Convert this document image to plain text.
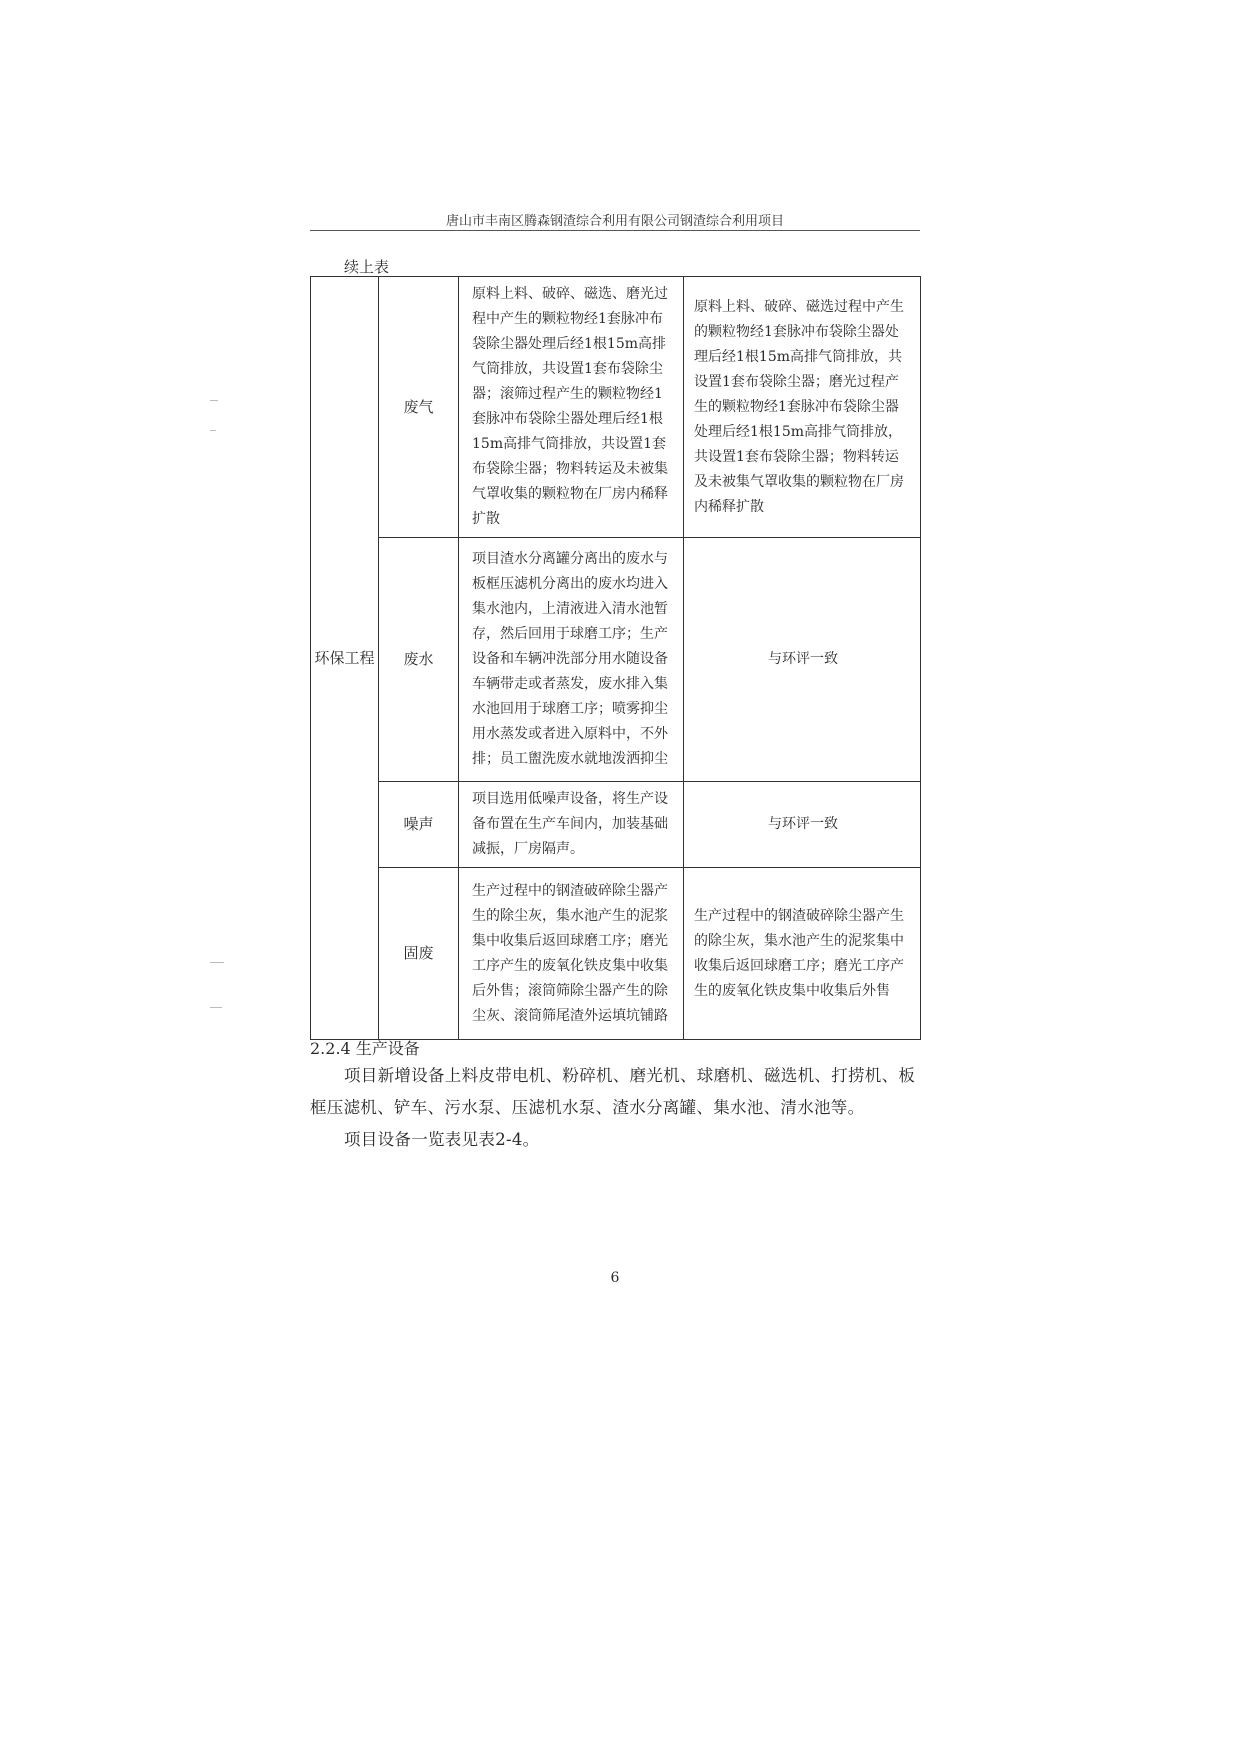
唐山市丰南区腾森钢渣综合利用有限公司钢渣综合利用项目
续上表
环保工程	废气	原料上料、破碎、磁选、磨光过程中产生的颗粒物经1套脉冲布袋除尘器处理后经1根15m高排气筒排放，共设置1套布袋除尘器；滚筛过程产生的颗粒物经1套脉冲布袋除尘器处理后经1根15m高排气筒排放，共设置1套布袋除尘器；物料转运及未被集气罩收集的颗粒物在厂房内稀释扩散	原料上料、破碎、磁选过程中产生的颗粒物经1套脉冲布袋除尘器处理后经1根15m高排气筒排放，共设置1套布袋除尘器；磨光过程产生的颗粒物经1套脉冲布袋除尘器处理后经1根15m高排气筒排放，共设置1套布袋除尘器；物料转运及未被集气罩收集的颗粒物在厂房内稀释扩散
	废水	项目渣水分离罐分离出的废水与板框压滤机分离出的废水均进入集水池内，上清液进入清水池暂存，然后回用于球磨工序；生产设备和车辆冲洗部分用水随设备车辆带走或者蒸发，废水排入集水池回用于球磨工序；喷雾抑尘用水蒸发或者进入原料中，不外排；员工盥洗废水就地泼洒抑尘	与环评一致
	噪声	项目选用低噪声设备，将生产设备布置在生产车间内，加装基础减振，厂房隔声。	与环评一致
	固废	生产过程中的钢渣破碎除尘器产生的除尘灰，集水池产生的泥浆集中收集后返回球磨工序；磨光工序产生的废氧化铁皮集中收集后外售；滚筒筛除尘器产生的除尘灰、滚筒筛尾渣外运填坑铺路	生产过程中的钢渣破碎除尘器产生的除尘灰，集水池产生的泥浆集中收集后返回球磨工序；磨光工序产生的废氧化铁皮集中收集后外售
2.2.4 生产设备
项目新增设备上料皮带电机、粉碎机、磨光机、球磨机、磁选机、打捞机、板框压滤机、铲车、污水泵、压滤机水泵、渣水分离罐、集水池、清水池等。
项目设备一览表见表2-4。
6
